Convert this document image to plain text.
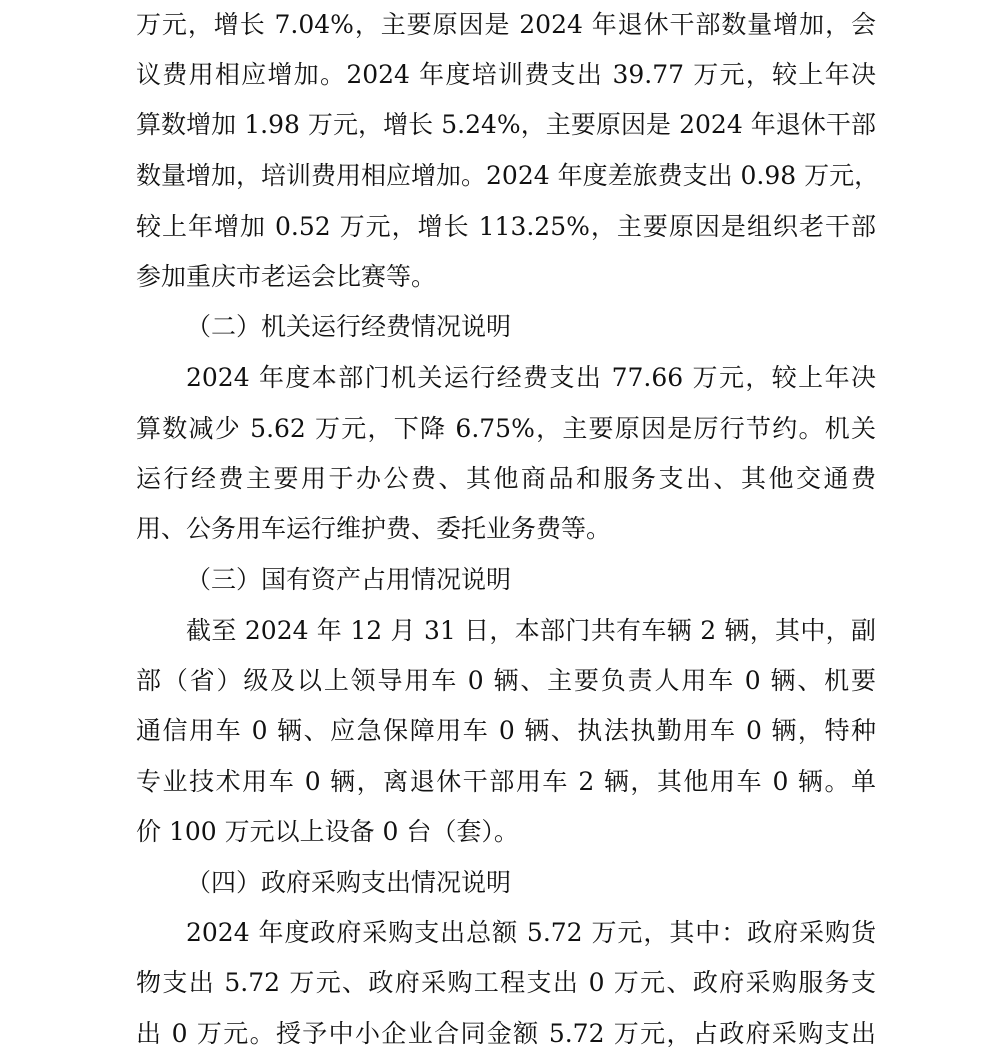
万元，增长 7.04%，主要原因是 2024 年退休干部数量增加，会
议费用相应增加。2024 年度培训费支出 39.77 万元，较上年决
算数增加 1.98 万元，增长 5.24%，主要原因是 2024 年退休干部
数量增加，培训费用相应增加。2024 年度差旅费支出 0.98 万元，
较上年增加 0.52 万元，增长 113.25%，主要原因是组织老干部
参加重庆市老运会比赛等。
（二）机关运行经费情况说明
2024 年度本部门机关运行经费支出 77.66 万元，较上年决
算数减少 5.62 万元，下降 6.75%，主要原因是厉行节约。机关
运行经费主要用于办公费、其他商品和服务支出、其他交通费
用、公务用车运行维护费、委托业务费等。
（三）国有资产占用情况说明
截至 2024 年 12 月 31 日，本部门共有车辆 2 辆，其中，副
部（省）级及以上领导用车 0 辆、主要负责人用车 0 辆、机要
通信用车 0 辆、应急保障用车 0 辆、执法执勤用车 0 辆，特种
专业技术用车 0 辆，离退休干部用车 2 辆，其他用车 0 辆。单
价 100 万元以上设备 0 台（套）。
（四）政府采购支出情况说明
2024 年度政府采购支出总额 5.72 万元，其中：政府采购货
物支出 5.72 万元、政府采购工程支出 0 万元、政府采购服务支
出 0 万元。授予中小企业合同金额 5.72 万元，占政府采购支出
